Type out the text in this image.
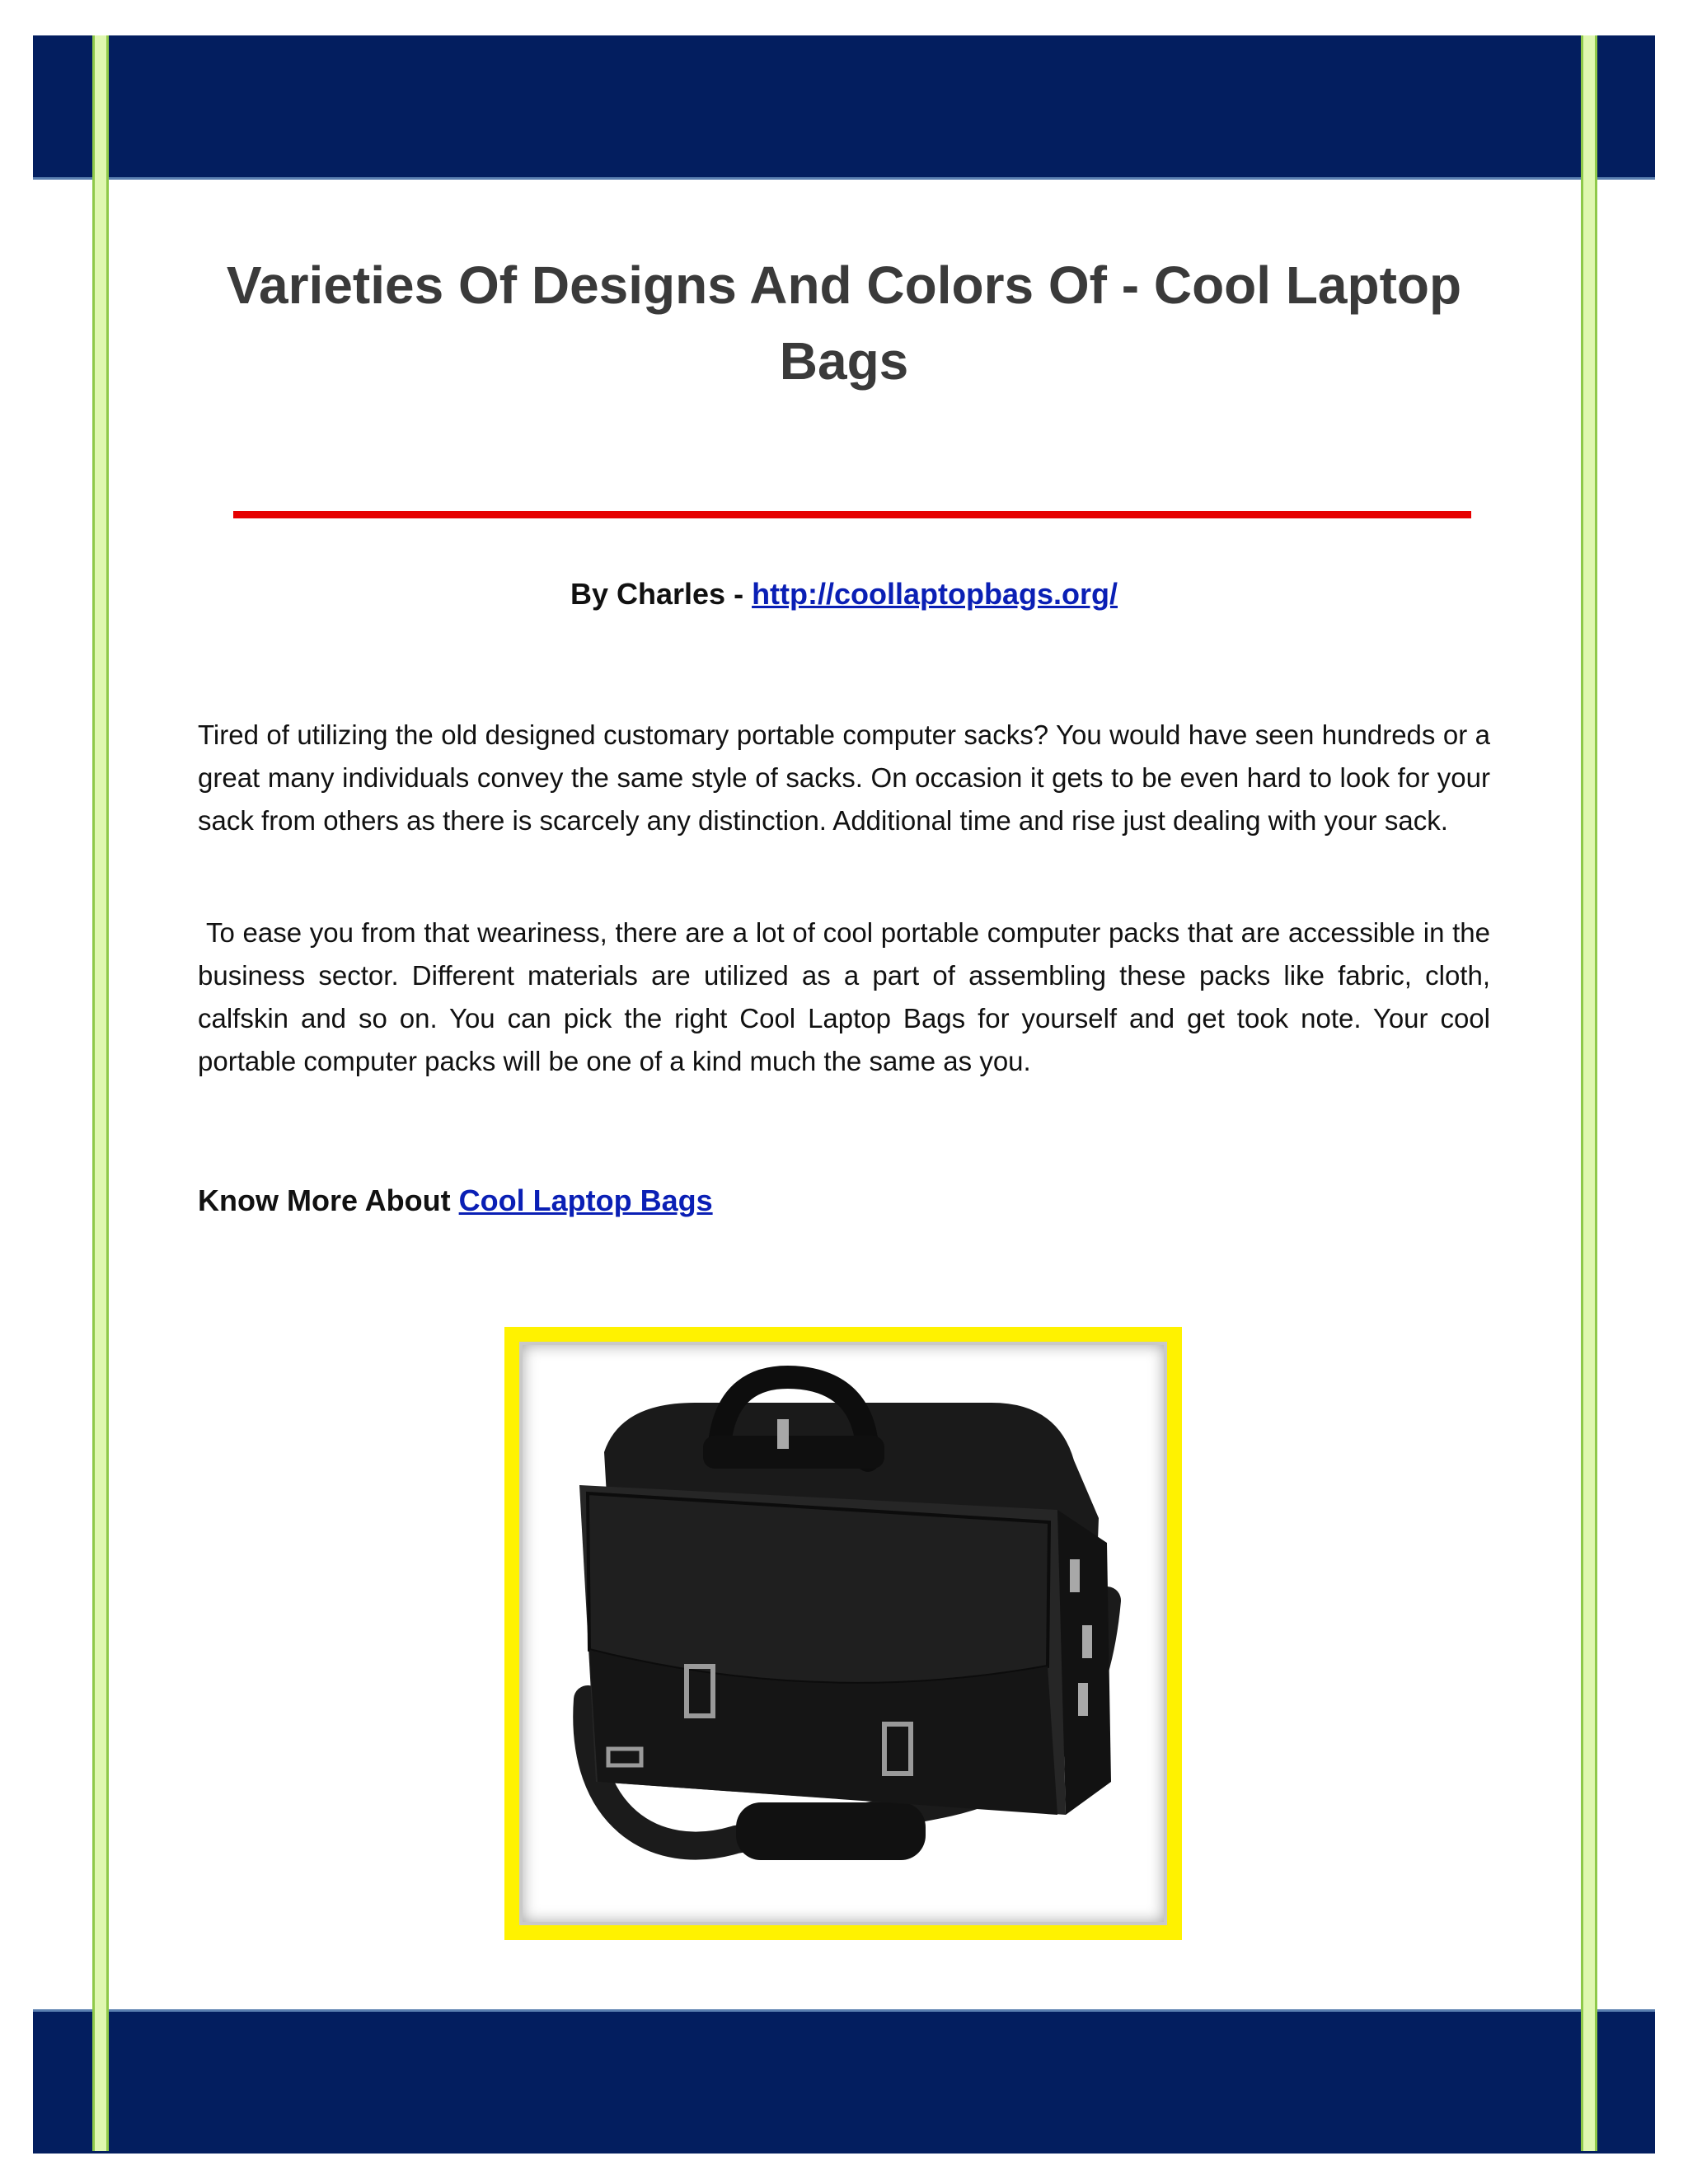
Varieties Of Designs And Colors Of - Cool Laptop Bags
By Charles - http://coollaptopbags.org/

Tired of utilizing the old designed customary portable computer sacks? You would have seen hundreds or a great many individuals convey the same style of sacks. On occasion it gets to be even hard to look for your sack from others as there is scarcely any distinction. Additional time and rise just dealing with your sack.

To ease you from that weariness, there are a lot of cool portable computer packs that are accessible in the business sector. Different materials are utilized as a part of assembling these packs like fabric, cloth, calfskin and so on. You can pick the right Cool Laptop Bags for yourself and get took note. Your cool portable computer packs will be one of a kind much the same as you.

Know More About Cool Laptop Bags
